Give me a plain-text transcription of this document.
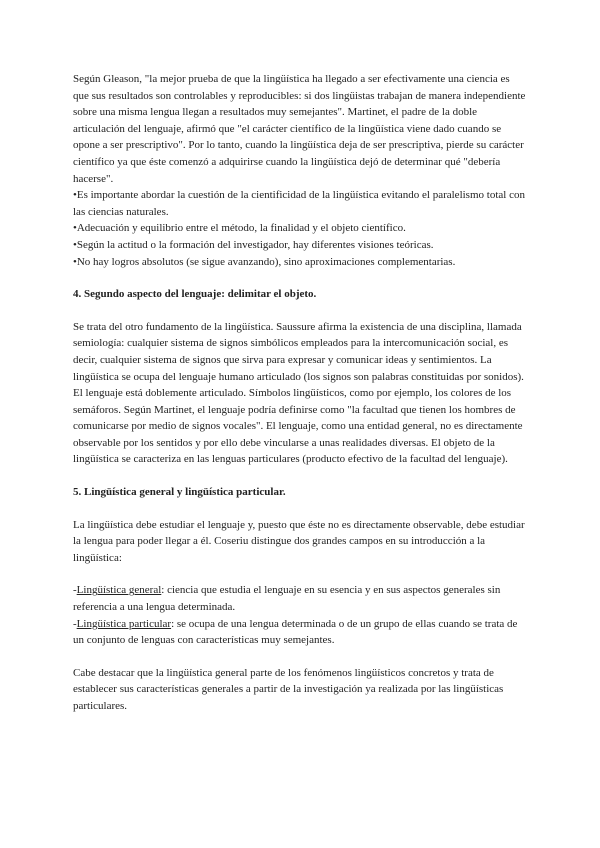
Según Gleason, "la mejor prueba de que la lingüística ha llegado a ser efectivamente una ciencia es que sus resultados son controlables y reproducibles: si dos lingüistas trabajan de manera independiente sobre una misma lengua llegan a resultados muy semejantes". Martinet, el padre de la doble articulación del lenguaje, afirmó que "el carácter científico de la lingüística viene dado cuando se opone a ser prescriptivo". Por lo tanto, cuando la lingüística deja de ser prescriptiva, pierde su carácter científico ya que éste comenzó a adquirirse cuando la lingüística dejó de determinar qué "debería hacerse".

•Es importante abordar la cuestión de la cientificidad de la lingüística evitando el paralelismo total con las ciencias naturales.

•Adecuación y equilibrio entre el método, la finalidad y el objeto científico.

•Según la actitud o la formación del investigador, hay diferentes visiones teóricas.

•No hay logros absolutos (se sigue avanzando), sino aproximaciones complementarias.

4. Segundo aspecto del lenguaje: delimitar el objeto.

Se trata del otro fundamento de la lingüística. Saussure afirma la existencia de una disciplina, llamada semiología: cualquier sistema de signos simbólicos empleados para la intercomunicación social, es decir, cualquier sistema de signos que sirva para expresar y comunicar ideas y sentimientos. La lingüística se ocupa del lenguaje humano articulado (los signos son palabras constituidas por sonidos). El lenguaje está doblemente articulado. Símbolos lingüísticos, como por ejemplo, los colores de los semáforos. Según Martinet, el lenguaje podría definirse como "la facultad que tienen los hombres de comunicarse por medio de signos vocales". El lenguaje, como una entidad general, no es directamente observable por los sentidos y por ello debe vincularse a unas realidades diversas. El objeto de la lingüística se caracteriza en las lenguas particulares (producto efectivo de la facultad del lenguaje).

5. Lingüística general y lingüística particular.

La lingüística debe estudiar el lenguaje y, puesto que éste no es directamente observable, debe estudiar la lengua para poder llegar a él. Coseriu distingue dos grandes campos en su introducción a la lingüística:

-Lingüística general: ciencia que estudia el lenguaje en su esencia y en sus aspectos generales sin referencia a una lengua determinada.

-Lingüística particular: se ocupa de una lengua determinada o de un grupo de ellas cuando se trata de un conjunto de lenguas con características muy semejantes.

Cabe destacar que la lingüística general parte de los fenómenos lingüísticos concretos y trata de establecer sus características generales a partir de la investigación ya realizada por las lingüísticas particulares.
